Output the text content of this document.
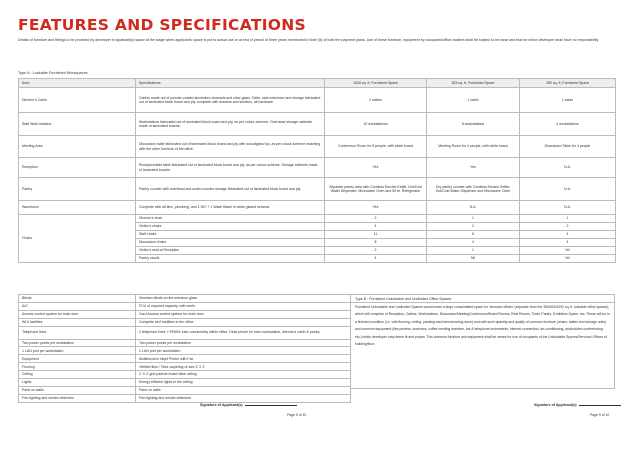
FEATURES AND SPECIFICATIONS
Details of furniture and fittings to be provided by developer in applicant(s) space at the stage when applicant's space is put to actual use or at end of period of three years mentioned in Note (5) of both the payment plans. Use of these furniture, equipment by occupants/office-holders shall be subject to be wear and tear for which developer shall have no responsibility.
Type A : Lockable Furnished Workspaces
Area	Specifications	1000 sq. ft. Furnished Space	525 sq. ft. Furnished Space	350 sq. ft. Furnished Space
Director's Cabin	Cabins made out of powder-coated aluminium channels and clear glass. Table, side extension and storage fabricated out of laminated block board and ply, complete with drawers and shutters, all hardware.	2 cabins	1 cabin	1 cabin
Staff Work stations	Workstations fabricated out of laminated block board and ply, as per colour-scheme. Overhead storage cabinets made of laminated boards.	10 workstations	8 workstations	4 workstations
Meeting Area	Discussion table fabricated out of laminated block board and ply with wood/glass top, as per colour-scheme matching with the other furniture of the office.	Conference Room for 8 people, with white board	Meeting Room for 4 people, with white board	Discussion Table for 4 people
Reception	Reception/side table fabricated out of laminated block board and ply, as per colour-scheme. Storage cabinets made of laminated boards.	Yes	Yes	N.A.
Pantry	Pantry counter with overhead and under-counter storage fabricated out of laminated block board and ply.	Separate pantry area with Cordless Electric Kettle, Hot/Cold Water Dispenser, Microwave Oven and 50 ltr. Refrigerator	Dry pantry counter with Cordless Electric Kettle, Hot/Cold Water Dispenser and Microwave Oven	N.A.
Washroom	Complete with all tiles, plumbing, and 1 WC + 1 Wash Basin in white glazed ceramic.	Yes	N.A.	N.A.
Chairs	Director's chair	2	1	1
	Visitor's chairs	4	2	2
	Staff chairs	11	8	4
	Discussion chairs	8	4	4
	Visitor's seat at Reception	2	1	Nil
	Pantry stools	4	Nil	Nil
Blinds	Venetian blinds on the entrance glass
A/C	FCU of required capacity, with vents
Access control system for main door	Card Access control system for main door
Wi-fi facilities	Complete wi-fi facilities in the office
Telephone lines	2 telephone lines + EPABX inter-connectivity within office. Desk phone for each workstation, director's cabin & pantry
Two power points per workstation	Two power points per workstation
1 LAN port per workstation	1 LAN port per workstation
Equipment	Multifunction Inkjet Printer with Fax
Flooring	Vitrified tiles / Tiled carpeting of size 2' X 2'
Ceiling	2' X 2' grid particle board false ceiling
Lights	Energy efficient lights in the ceiling
Paint on walls	Paint on walls
Fire-fighting and smoke detectors	Fire-fighting and smoke detectors
Type B : Furnished Unlockable and Undivided Office Spaces
Furnished Unlockable and Undivided Spaces would mean a large consolidated space for 'serviced offices' (separate from the 350/525/1000 sq. ft. lockable office spaces), which will comprise of Reception, Cabins, Workstations, Discussion/Meeting/Conference/Board Rooms, Rest Rooms, Toilet, Pantry, Exhibition Space, etc. These will be in a finished condition (i.e. with flooring, ceiling, painting and internal wiring done) and with such quantity and quality of common furniture (chairs, tables and storage units) and common equipment (like printers, scanners, coffee vending machine, fax & telephone instruments, internet connection, air-conditioning, audio/video conferencing etc.) which developer may deem fit and proper. This common furniture and equipment shall be meant for use of occupants of the Unlockable Spaces/Serviced Offices of building/floor.
Signature of Applicant(s)	Signature of Applicant(s)
Page 5 of 10	Page 5 of 10
